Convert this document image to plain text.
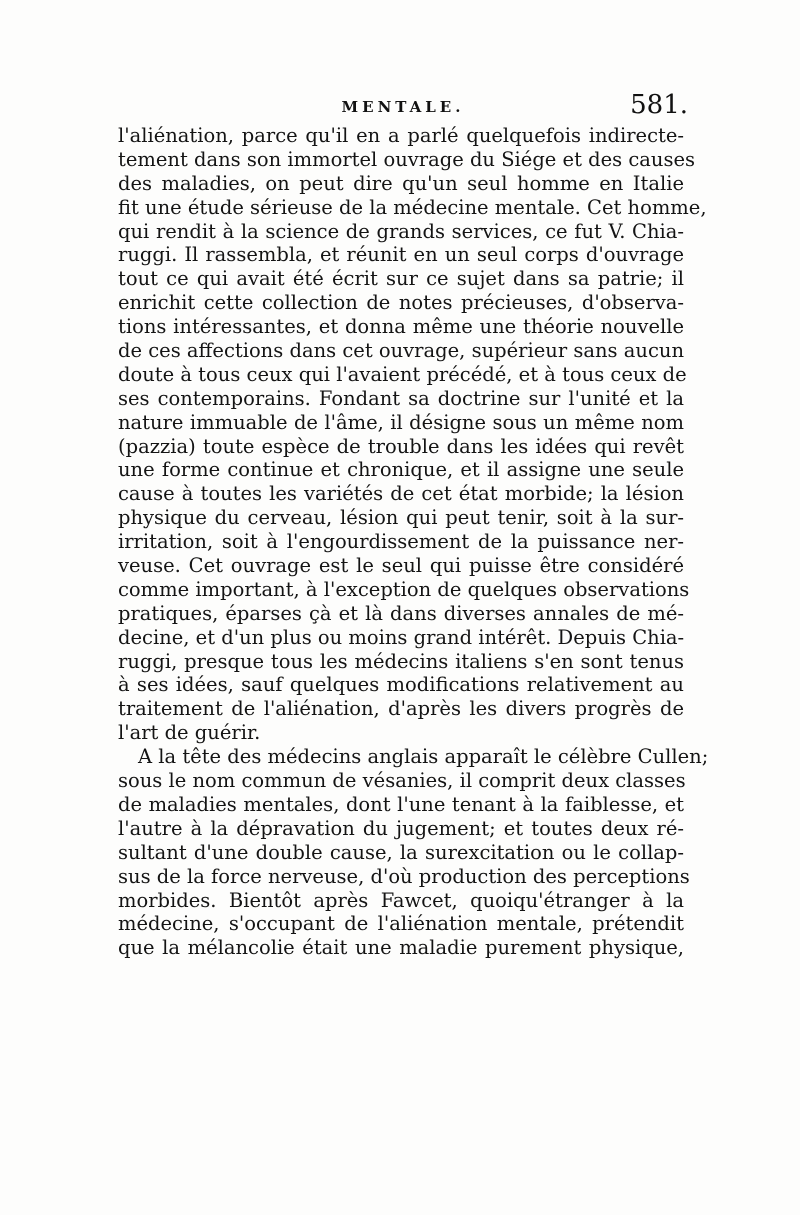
MENTALE.	581.
l'aliénation, parce qu'il en a parlé quelquefois indirecte-
tement dans son immortel ouvrage du Siége et des causes
des maladies, on peut dire qu'un seul homme en Italie
fit une étude sérieuse de la médecine mentale. Cet homme,
qui rendit à la science de grands services, ce fut V. Chia-
ruggi. Il rassembla, et réunit en un seul corps d'ouvrage
tout ce qui avait été écrit sur ce sujet dans sa patrie; il
enrichit cette collection de notes précieuses, d'observa-
tions intéressantes, et donna même une théorie nouvelle
de ces affections dans cet ouvrage, supérieur sans aucun
doute à tous ceux qui l'avaient précédé, et à tous ceux de
ses contemporains. Fondant sa doctrine sur l'unité et la
nature immuable de l'âme, il désigne sous un même nom
(pazzia) toute espèce de trouble dans les idées qui revêt
une forme continue et chronique, et il assigne une seule
cause à toutes les variétés de cet état morbide; la lésion
physique du cerveau, lésion qui peut tenir, soit à la sur-
irritation, soit à l'engourdissement de la puissance ner-
veuse. Cet ouvrage est le seul qui puisse être considéré
comme important, à l'exception de quelques observations
pratiques, éparses çà et là dans diverses annales de mé-
decine, et d'un plus ou moins grand intérêt. Depuis Chia-
ruggi, presque tous les médecins italiens s'en sont tenus
à ses idées, sauf quelques modifications relativement au
traitement de l'aliénation, d'après les divers progrès de
l'art de guérir.
A la tête des médecins anglais apparaît le célèbre Cullen;
sous le nom commun de vésanies, il comprit deux classes
de maladies mentales, dont l'une tenant à la faiblesse, et
l'autre à la dépravation du jugement; et toutes deux ré-
sultant d'une double cause, la surexcitation ou le collap-
sus de la force nerveuse, d'où production des perceptions
morbides. Bientôt après Fawcet, quoiqu'étranger à la
médecine, s'occupant de l'aliénation mentale, prétendit
que la mélancolie était une maladie purement physique,
